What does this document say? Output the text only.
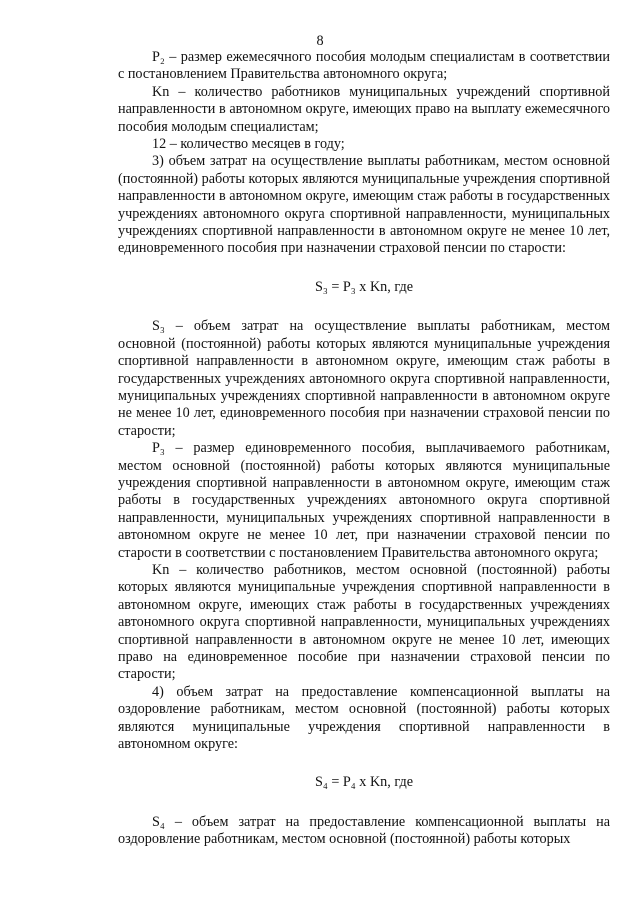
8

P₂ – размер ежемесячного пособия молодым специалистам в соответствии с постановлением Правительства автономного округа;

Kn – количество работников муниципальных учреждений спортивной направленности в автономном округе, имеющих право на выплату ежемесячного пособия молодым специалистам;

12 – количество месяцев в году;

3) объем затрат на осуществление выплаты работникам, местом основной (постоянной) работы которых являются муниципальные учреждения спортивной направленности в автономном округе, имеющим стаж работы в государственных учреждениях автономного округа спортивной направленности, муниципальных учреждениях спортивной направленности в автономном округе не менее 10 лет, единовременного пособия при назначении страховой пенсии по старости:

S₃ = P₃ x Kn, где

S₃ – объем затрат на осуществление выплаты работникам, местом основной (постоянной) работы которых являются муниципальные учреждения спортивной направленности в автономном округе, имеющим стаж работы в государственных учреждениях автономного округа спортивной направленности, муниципальных учреждениях спортивной направленности в автономном округе не менее 10 лет, единовременного пособия при назначении страховой пенсии по старости;

P₃ – размер единовременного пособия, выплачиваемого работникам, местом основной (постоянной) работы которых являются муниципальные учреждения спортивной направленности в автономном округе, имеющим стаж работы в государственных учреждениях автономного округа спортивной направленности, муниципальных учреждениях спортивной направленности в автономном округе не менее 10 лет, при назначении страховой пенсии по старости в соответствии с постановлением Правительства автономного округа;

Kn – количество работников, местом основной (постоянной) работы которых являются муниципальные учреждения спортивной направленности в автономном округе, имеющих стаж работы в государственных учреждениях автономного округа спортивной направленности, муниципальных учреждениях спортивной направленности в автономном округе не менее 10 лет, имеющих право на единовременное пособие при назначении страховой пенсии по старости;

4) объем затрат на предоставление компенсационной выплаты на оздоровление работникам, местом основной (постоянной) работы которых являются муниципальные учреждения спортивной направленности в автономном округе:

S₄ = P₄ x Kn, где

S₄ – объем затрат на предоставление компенсационной выплаты на оздоровление работникам, местом основной (постоянной) работы которых
